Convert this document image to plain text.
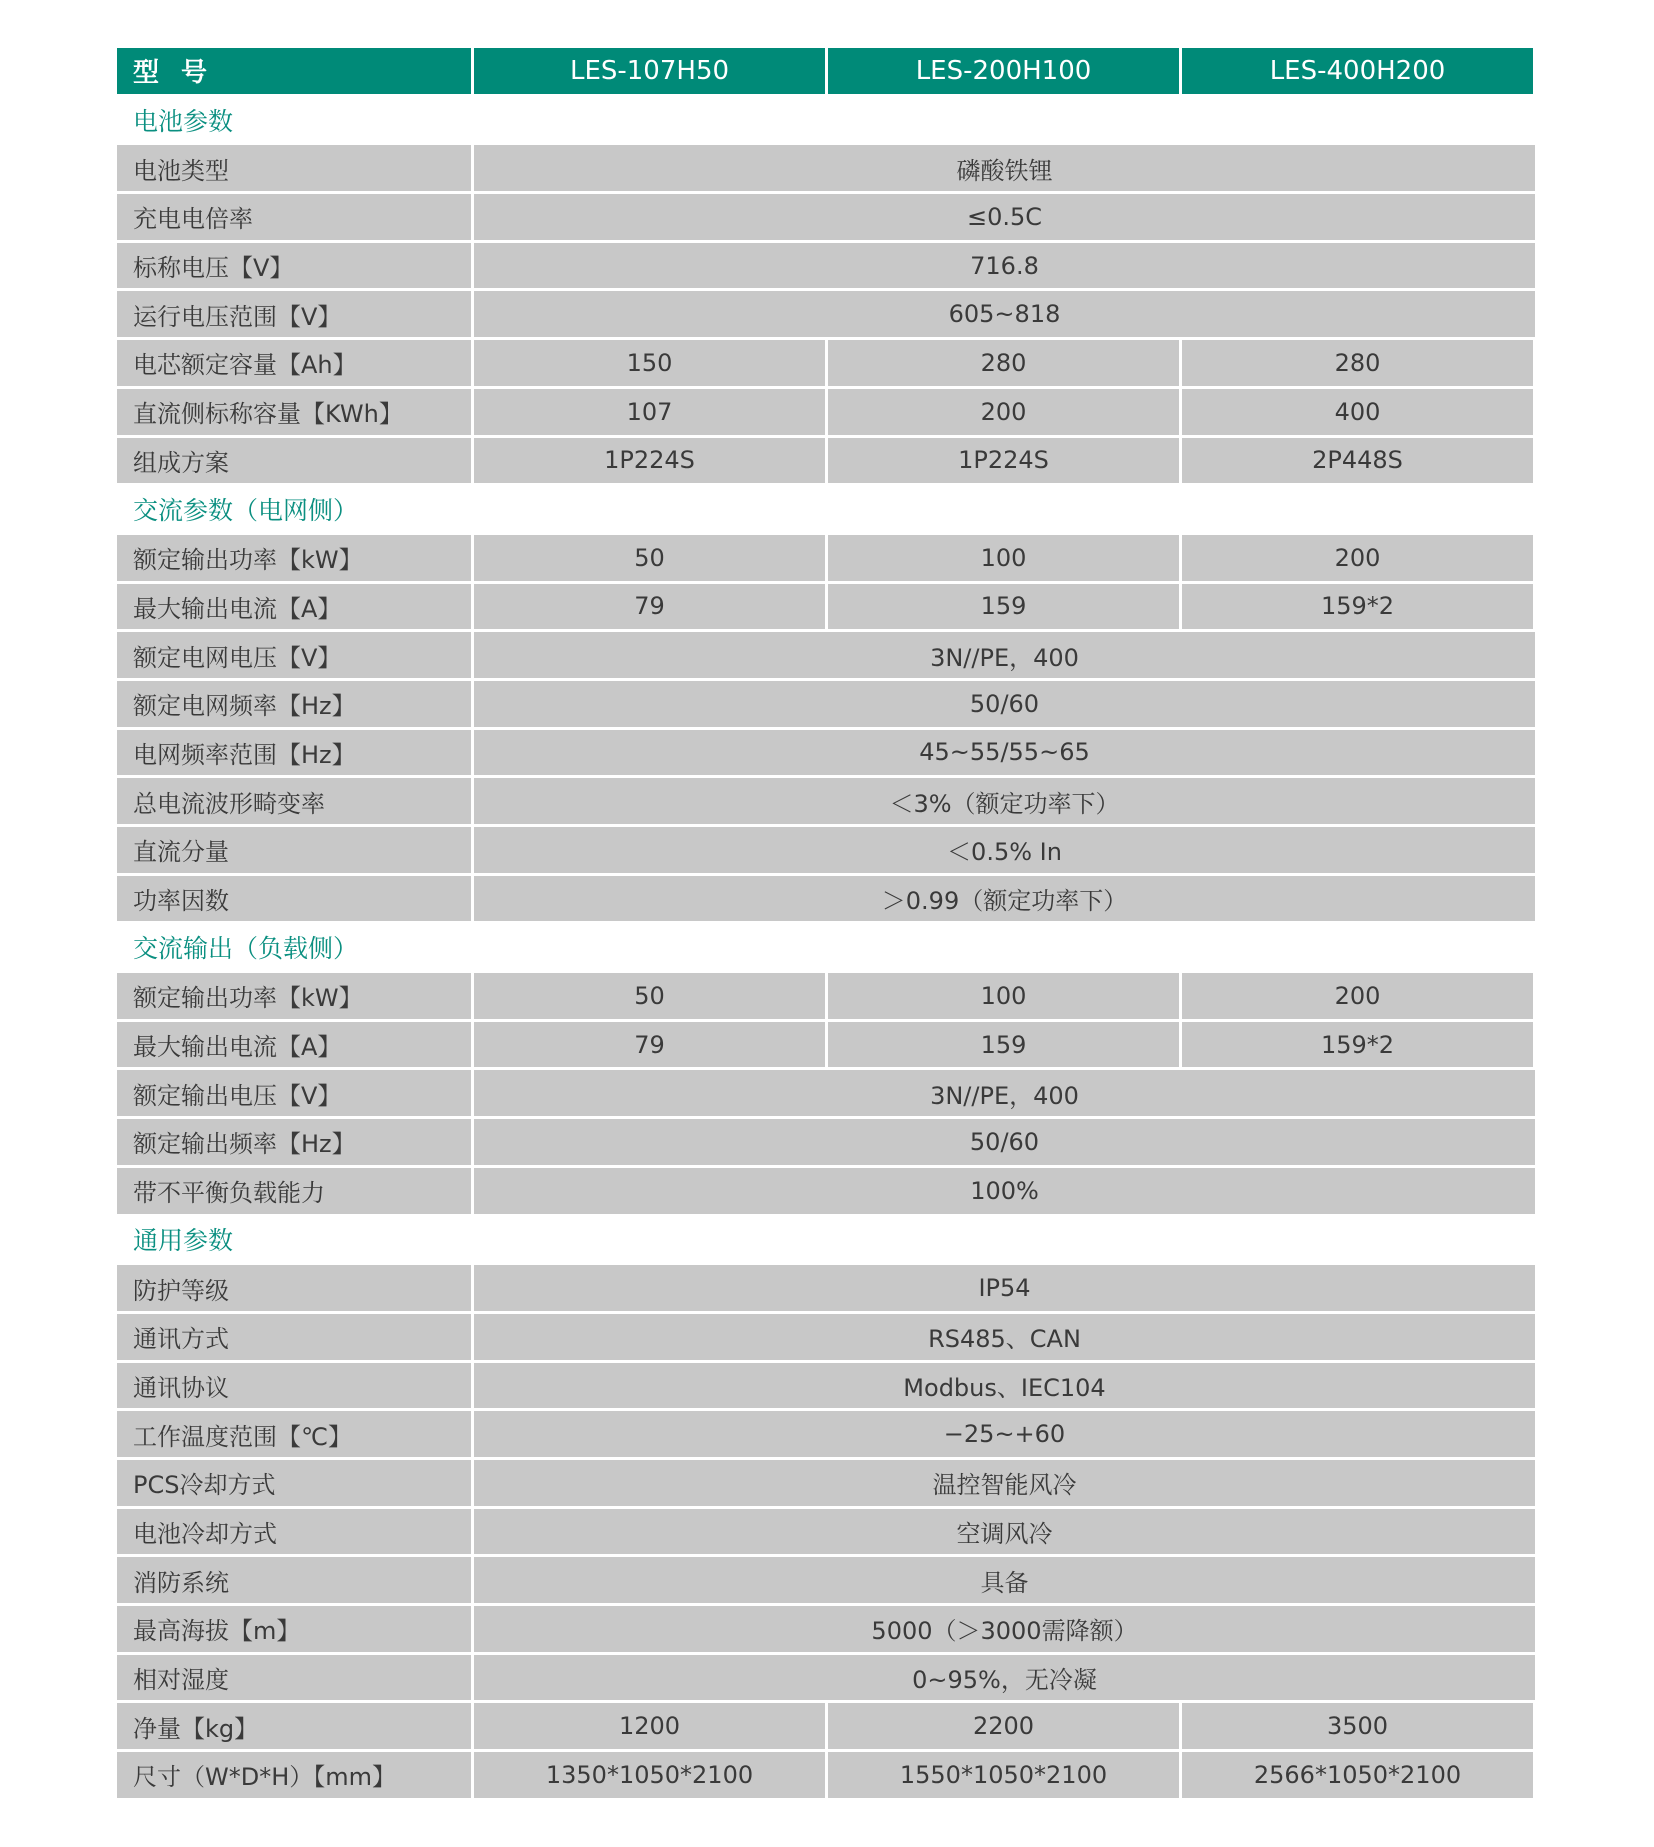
型号	LES-107H50	LES-200H100	LES-400H200
电池参数
电池类型	磷酸铁锂
充电电倍率	≤0.5C
标称电压【V】	716.8
运行电压范围【V】	605~818
电芯额定容量【Ah】	150	280	280
直流侧标称容量【KWh】	107	200	400
组成方案	1P224S	1P224S	2P448S
交流参数（电网侧）
额定输出功率【kW】	50	100	200
最大输出电流【A】	79	159	159*2
额定电网电压【V】	3N//PE，400
额定电网频率【Hz】	50/60
电网频率范围【Hz】	45~55/55~65
总电流波形畸变率	＜3%（额定功率下）
直流分量	＜0.5% In
功率因数	＞0.99（额定功率下）
交流输出（负载侧）
额定输出功率【kW】	50	100	200
最大输出电流【A】	79	159	159*2
额定输出电压【V】	3N//PE，400
额定输出频率【Hz】	50/60
带不平衡负载能力	100%
通用参数
防护等级	IP54
通讯方式	RS485、CAN
通讯协议	Modbus、IEC104
工作温度范围【℃】	−25~+60
PCS冷却方式	温控智能风冷
电池冷却方式	空调风冷
消防系统	具备
最高海拔【m】	5000（＞3000需降额）
相对湿度	0~95%，无冷凝
净量【kg】	1200	2200	3500
尺寸（W*D*H）【mm】	1350*1050*2100	1550*1050*2100	2566*1050*2100
